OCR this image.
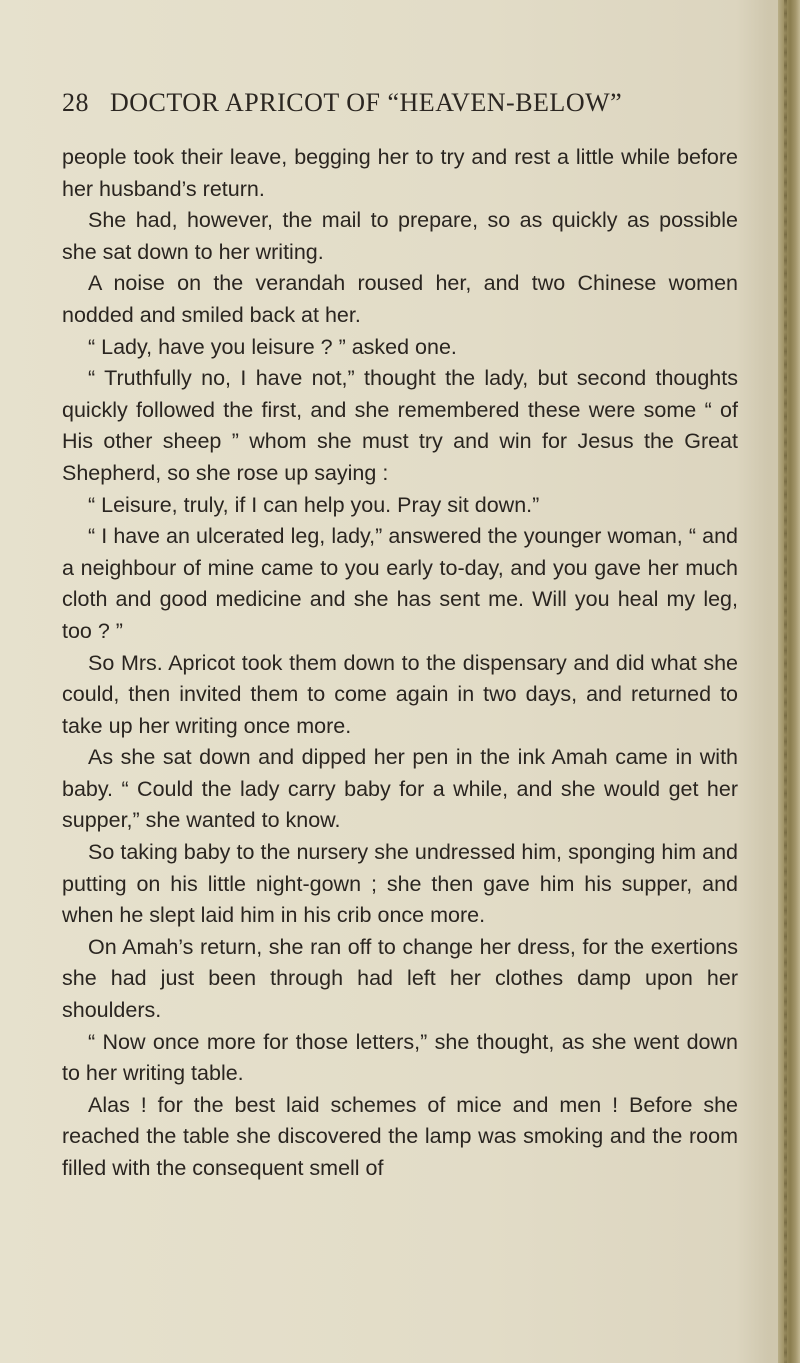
28 DOCTOR APRICOT OF “HEAVEN-BELOW”

people took their leave, begging her to try and rest a little while before her husband’s return.

She had, however, the mail to prepare, so as quickly as possible she sat down to her writing.

A noise on the verandah roused her, and two Chinese women nodded and smiled back at her.

“ Lady, have you leisure ? ” asked one.

“ Truthfully no, I have not,” thought the lady, but second thoughts quickly followed the first, and she remembered these were some “ of His other sheep ” whom she must try and win for Jesus the Great Shepherd, so she rose up saying :

“ Leisure, truly, if I can help you. Pray sit down.”

“ I have an ulcerated leg, lady,” answered the younger woman, “ and a neighbour of mine came to you early to-day, and you gave her much cloth and good medicine and she has sent me. Will you heal my leg, too ? ”

So Mrs. Apricot took them down to the dispensary and did what she could, then invited them to come again in two days, and returned to take up her writing once more.

As she sat down and dipped her pen in the ink Amah came in with baby. “ Could the lady carry baby for a while, and she would get her supper,” she wanted to know.

So taking baby to the nursery she undressed him, sponging him and putting on his little night-gown ; she then gave him his supper, and when he slept laid him in his crib once more.

On Amah’s return, she ran off to change her dress, for the exertions she had just been through had left her clothes damp upon her shoulders.

“ Now once more for those letters,” she thought, as she went down to her writing table.

Alas ! for the best laid schemes of mice and men ! Before she reached the table she discovered the lamp was smoking and the room filled with the consequent smell of
